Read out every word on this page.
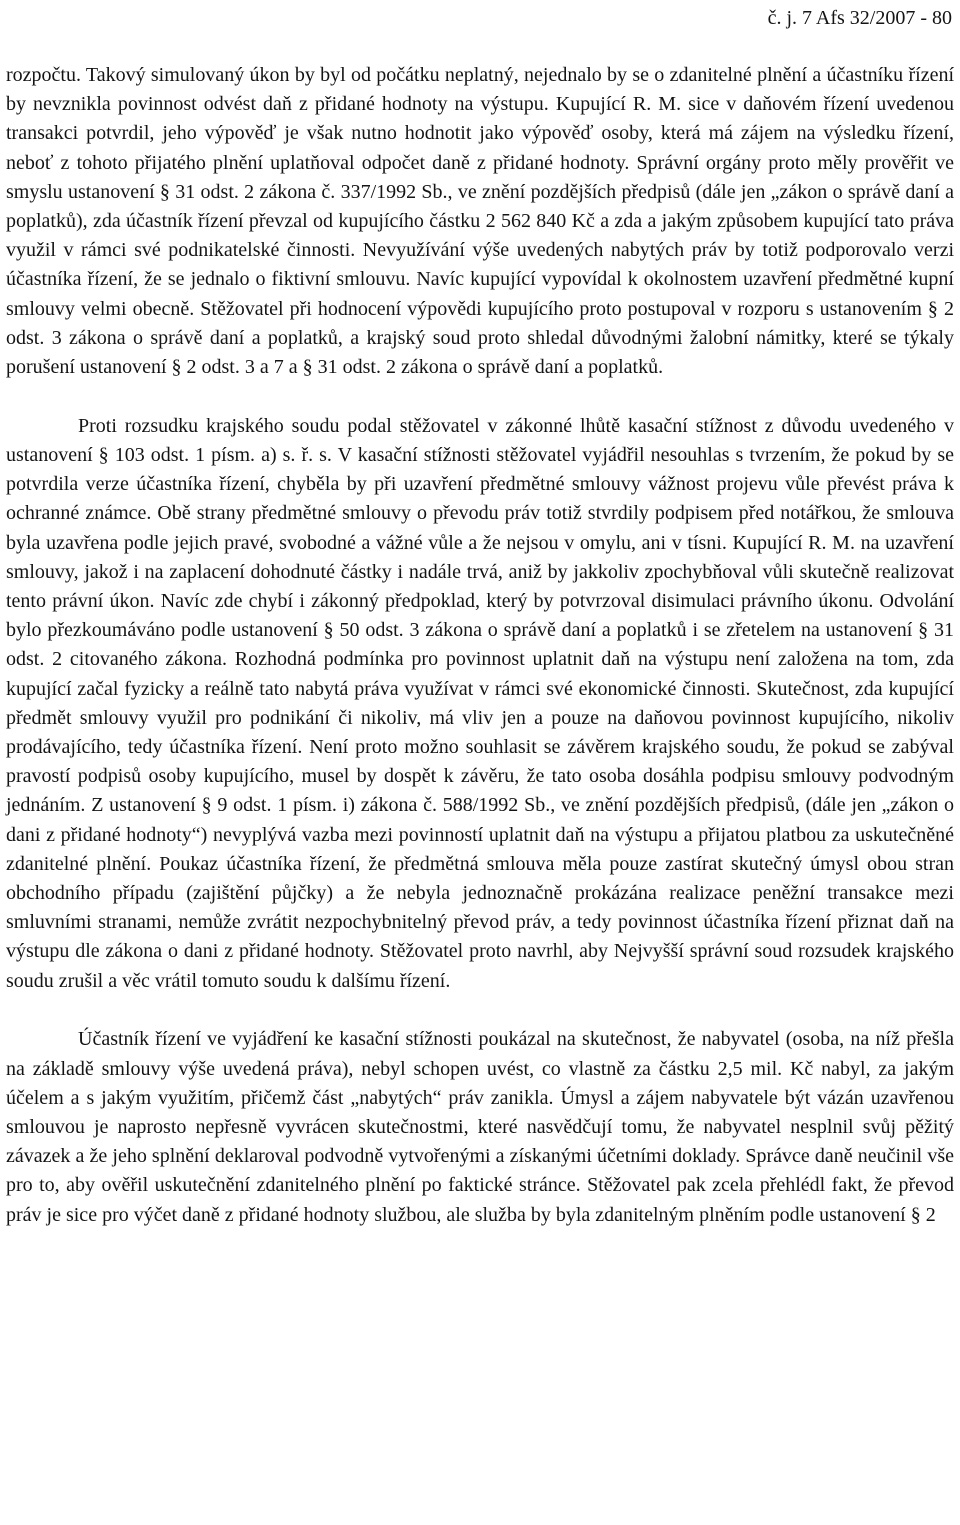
č. j. 7 Afs 32/2007 - 80

rozpočtu. Takový simulovaný úkon by byl od počátku neplatný, nejednalo by se o zdanitelné plnění a účastníku řízení by nevznikla povinnost odvést daň z přidané hodnoty na výstupu. Kupující R. M. sice v daňovém řízení uvedenou transakci potvrdil, jeho výpověď je však nutno hodnotit jako výpověď osoby, která má zájem na výsledku řízení, neboť z tohoto přijatého plnění uplatňoval odpočet daně z přidané hodnoty. Správní orgány proto měly prověřit ve smyslu ustanovení § 31 odst. 2 zákona č. 337/1992 Sb., ve znění pozdějších předpisů (dále jen „zákon o správě daní a poplatků), zda účastník řízení převzal od kupujícího částku 2 562 840 Kč a zda a jakým způsobem kupující tato práva využil v rámci své podnikatelské činnosti. Nevyužívání výše uvedených nabytých práv by totiž podporovalo verzi účastníka řízení, že se jednalo o fiktivní smlouvu. Navíc kupující vypovídal k okolnostem uzavření předmětné kupní smlouvy velmi obecně. Stěžovatel při hodnocení výpovědi kupujícího proto postupoval v rozporu s ustanovením § 2 odst. 3 zákona o správě daní a poplatků, a krajský soud proto shledal důvodnými žalobní námitky, které se týkaly porušení ustanovení § 2 odst. 3 a 7 a § 31 odst. 2 zákona o správě daní a poplatků.

Proti rozsudku krajského soudu podal stěžovatel v zákonné lhůtě kasační stížnost z důvodu uvedeného v ustanovení § 103 odst. 1 písm. a) s. ř. s. V kasační stížnosti stěžovatel vyjádřil nesouhlas s tvrzením, že pokud by se potvrdila verze účastníka řízení, chyběla by při uzavření předmětné smlouvy vážnost projevu vůle převést práva k ochranné známce. Obě strany předmětné smlouvy o převodu práv totiž stvrdily podpisem před notářkou, že smlouva byla uzavřena podle jejich pravé, svobodné a vážné vůle a že nejsou v omylu, ani v tísni. Kupující R. M. na uzavření smlouvy, jakož i na zaplacení dohodnuté částky i nadále trvá, aniž by jakkoliv zpochybňoval vůli skutečně realizovat tento právní úkon. Navíc zde chybí i zákonný předpoklad, který by potvrzoval disimulaci právního úkonu. Odvolání bylo přezkoumáváno podle ustanovení § 50 odst. 3 zákona o správě daní a poplatků i se zřetelem na ustanovení § 31 odst. 2 citovaného zákona. Rozhodná podmínka pro povinnost uplatnit daň na výstupu není založena na tom, zda kupující začal fyzicky a reálně tato nabytá práva využívat v rámci své ekonomické činnosti. Skutečnost, zda kupující předmět smlouvy využil pro podnikání či nikoliv, má vliv jen a pouze na daňovou povinnost kupujícího, nikoliv prodávajícího, tedy účastníka řízení. Není proto možno souhlasit se závěrem krajského soudu, že pokud se zabýval pravostí podpisů osoby kupujícího, musel by dospět k závěru, že tato osoba dosáhla podpisu smlouvy podvodným jednáním. Z ustanovení § 9 odst. 1 písm. i) zákona č. 588/1992 Sb., ve znění pozdějších předpisů, (dále jen „zákon o dani z přidané hodnoty“) nevyplývá vazba mezi povinností uplatnit daň na výstupu a přijatou platbou za uskutečněné zdanitelné plnění. Poukaz účastníka řízení, že předmětná smlouva měla pouze zastírat skutečný úmysl obou stran obchodního případu (zajištění půjčky) a že nebyla jednoznačně prokázána realizace peněžní transakce mezi smluvními stranami, nemůže zvrátit nezpochybnitelný převod práv, a tedy povinnost účastníka řízení přiznat daň na výstupu dle zákona o dani z přidané hodnoty. Stěžovatel proto navrhl, aby Nejvyšší správní soud rozsudek krajského soudu zrušil a věc vrátil tomuto soudu k dalšímu řízení.

Účastník řízení ve vyjádření ke kasační stížnosti poukázal na skutečnost, že nabyvatel (osoba, na níž přešla na základě smlouvy výše uvedená práva), nebyl schopen uvést, co vlastně za částku 2,5 mil. Kč nabyl, za jakým účelem a s jakým využitím, přičemž část „nabytých“ práv zanikla. Úmysl a zájem nabyvatele být vázán uzavřenou smlouvou je naprosto nepřesně vyvrácen skutečnostmi, které nasvědčují tomu, že nabyvatel nesplnil svůj pěžitý závazek a že jeho splnění deklaroval podvodně vytvořenými a získanými účetními doklady. Správce daně neučinil vše pro to, aby ověřil uskutečnění zdanitelného plnění po faktické stránce. Stěžovatel pak zcela přehlédl fakt, že převod práv je sice pro výčet daně z přidané hodnoty službou, ale služba by byla zdanitelným plněním podle ustanovení § 2
